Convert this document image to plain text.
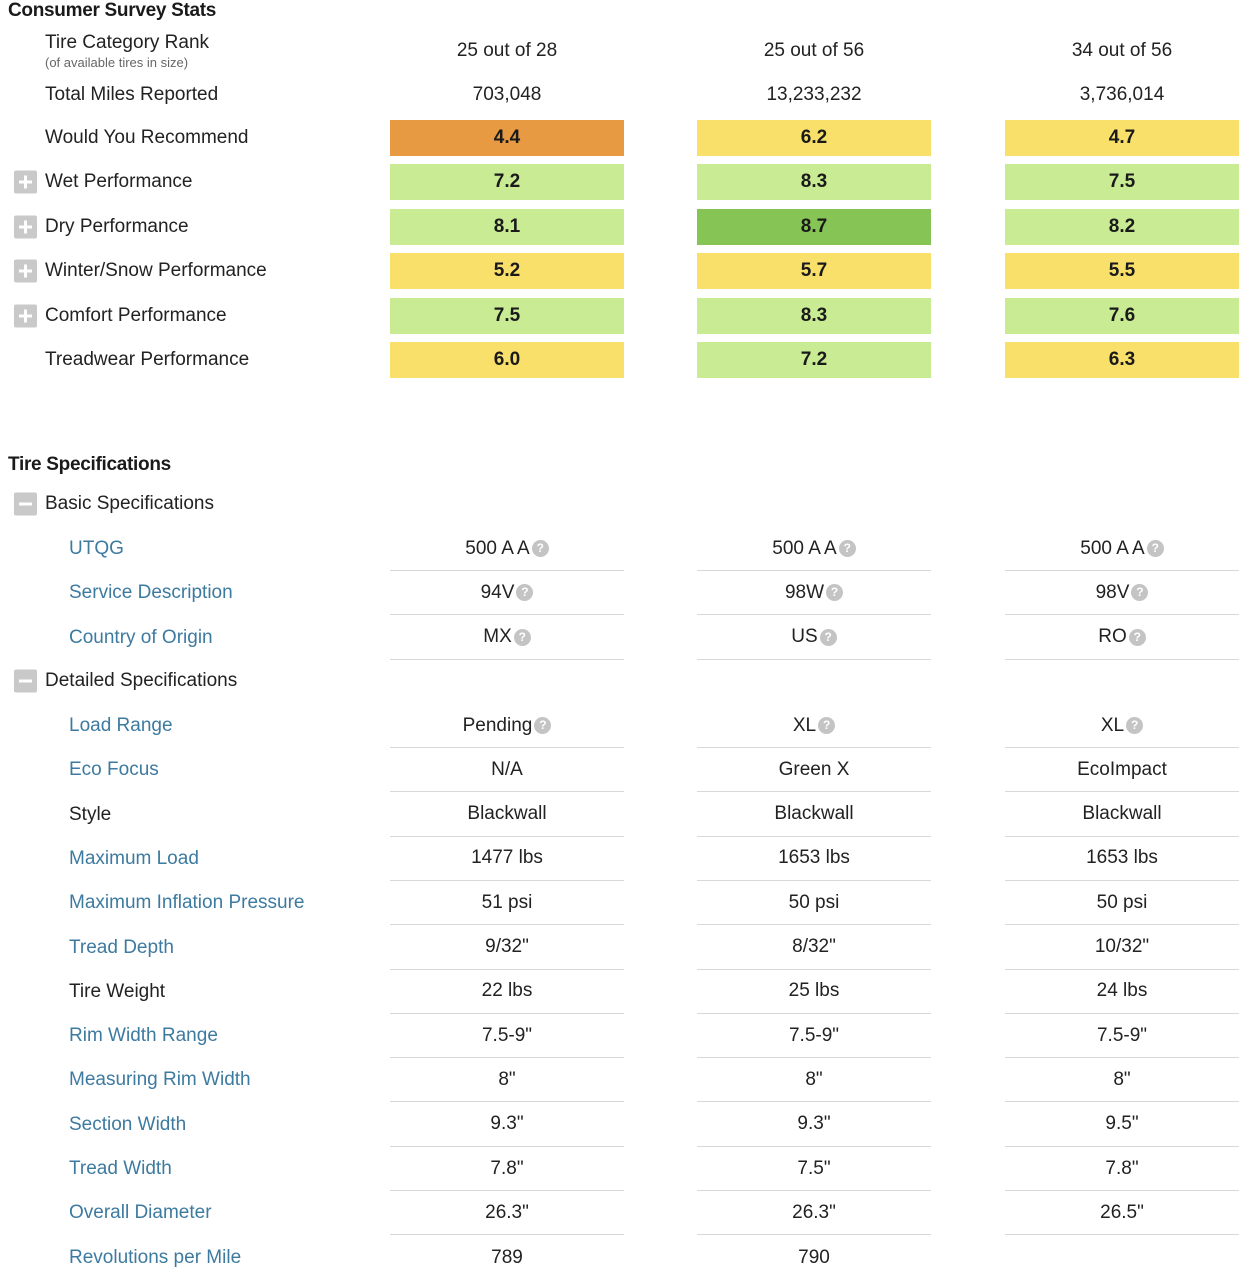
Consumer Survey Stats
Tire Category Rank
(of available tires in size)
25 out of 28	25 out of 56	34 out of 56
Total Miles Reported	703,048	13,233,232	3,736,014
Would You Recommend	4.4	6.2	4.7
Wet Performance	7.2	8.3	7.5
Dry Performance	8.1	8.7	8.2
Winter/Snow Performance	5.2	5.7	5.5
Comfort Performance	7.5	8.3	7.6
Treadwear Performance	6.0	7.2	6.3
Tire Specifications
Basic Specifications
UTQG	500 A A ?	500 A A ?	500 A A ?
Service Description	94V ?	98W ?	98V ?
Country of Origin	MX ?	US ?	RO ?
Detailed Specifications
Load Range	Pending ?	XL ?	XL ?
Eco Focus	N/A	Green X	EcoImpact
Style	Blackwall	Blackwall	Blackwall
Maximum Load	1477 lbs	1653 lbs	1653 lbs
Maximum Inflation Pressure	51 psi	50 psi	50 psi
Tread Depth	9/32"	8/32"	10/32"
Tire Weight	22 lbs	25 lbs	24 lbs
Rim Width Range	7.5-9"	7.5-9"	7.5-9"
Measuring Rim Width	8"	8"	8"
Section Width	9.3"	9.3"	9.5"
Tread Width	7.8"	7.5"	7.8"
Overall Diameter	26.3"	26.3"	26.5"
Revolutions per Mile	789	790
